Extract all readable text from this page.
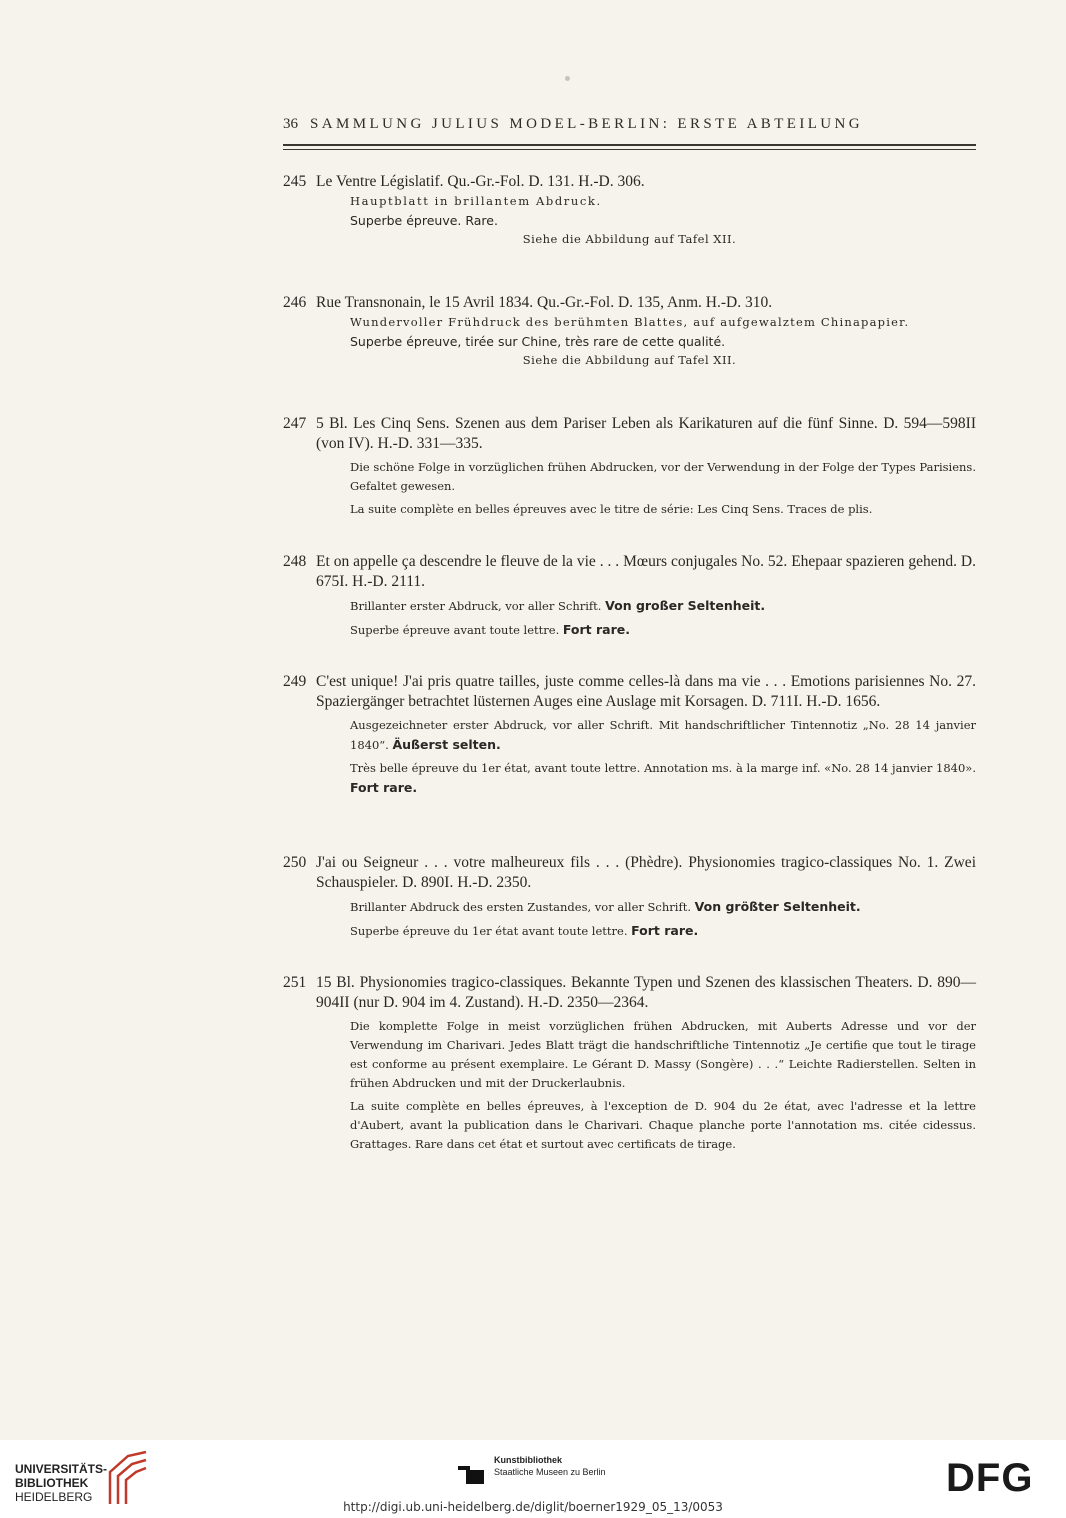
36 SAMMLUNG JULIUS MODEL-BERLIN: ERSTE ABTEILUNG
245 Le Ventre Législatif. Qu.-Gr.-Fol. D. 131. H.-D. 306.
Hauptblatt in brillantem Abdruck.
Superbe épreuve. Rare.
Siehe die Abbildung auf Tafel XII.
246 Rue Transnonain, le 15 Avril 1834. Qu.-Gr.-Fol. D. 135, Anm. H.-D. 310.
Wundervoller Frühdruck des berühmten Blattes, auf aufgewalztem Chinapapier.
Superbe épreuve, tirée sur Chine, très rare de cette qualité.
Siehe die Abbildung auf Tafel XII.
247 5 Bl. Les Cinq Sens. Szenen aus dem Pariser Leben als Karikaturen auf die fünf Sinne. D. 594—598II (von IV). H.-D. 331—335.
Die schöne Folge in vorzüglichen frühen Abdrucken, vor der Verwendung in der Folge der Types Parisiens. Gefaltet gewesen.
La suite complète en belles épreuves avec le titre de série: Les Cinq Sens. Traces de plis.
248 Et on appelle ça descendre le fleuve de la vie . . . Mœurs conjugales No. 52. Ehepaar spazieren gehend. D. 675I. H.-D. 2111.
Brillanter erster Abdruck, vor aller Schrift. Von großer Seltenheit.
Superbe épreuve avant toute lettre. Fort rare.
249 C'est unique! J'ai pris quatre tailles, juste comme celles-là dans ma vie . . . Emotions parisiennes No. 27. Spaziergänger betrachtet lüsternen Auges eine Auslage mit Korsagen. D. 711I. H.-D. 1656.
Ausgezeichneter erster Abdruck, vor aller Schrift. Mit handschriftlicher Tintennotiz „No. 28 14 janvier 1840“. Äußerst selten.
Très belle épreuve du 1er état, avant toute lettre. Annotation ms. à la marge inf. «No. 28 14 janvier 1840». Fort rare.
250 J'ai ou Seigneur . . . votre malheureux fils . . . (Phèdre). Physionomies tragico-classiques No. 1. Zwei Schauspieler. D. 890I. H.-D. 2350.
Brillanter Abdruck des ersten Zustandes, vor aller Schrift. Von größter Seltenheit.
Superbe épreuve du 1er état avant toute lettre. Fort rare.
251 15 Bl. Physionomies tragico-classiques. Bekannte Typen und Szenen des klassischen Theaters. D. 890—904II (nur D. 904 im 4. Zustand). H.-D. 2350—2364.
Die komplette Folge in meist vorzüglichen frühen Abdrucken, mit Auberts Adresse und vor der Verwendung im Charivari. Jedes Blatt trägt die handschriftliche Tintennotiz „Je certifie que tout le tirage est conforme au présent exemplaire. Le Gérant D. Massy (Songère) . . .“ Leichte Radierstellen. Selten in frühen Abdrucken und mit der Druckerlaubnis.
La suite complète en belles épreuves, à l'exception de D. 904 du 2e état, avec l'adresse et la lettre d'Aubert, avant la publication dans le Charivari. Chaque planche porte l'annotation ms. citée cidessus. Grattages. Rare dans cet état et surtout avec certificats de tirage.
UNIVERSITÄTS-
BIBLIOTHEK
HEIDELBERG
Kunstbibliothek
Staatliche Museen zu Berlin	DFG
http://digi.ub.uni-heidelberg.de/diglit/boerner1929_05_13/0053
